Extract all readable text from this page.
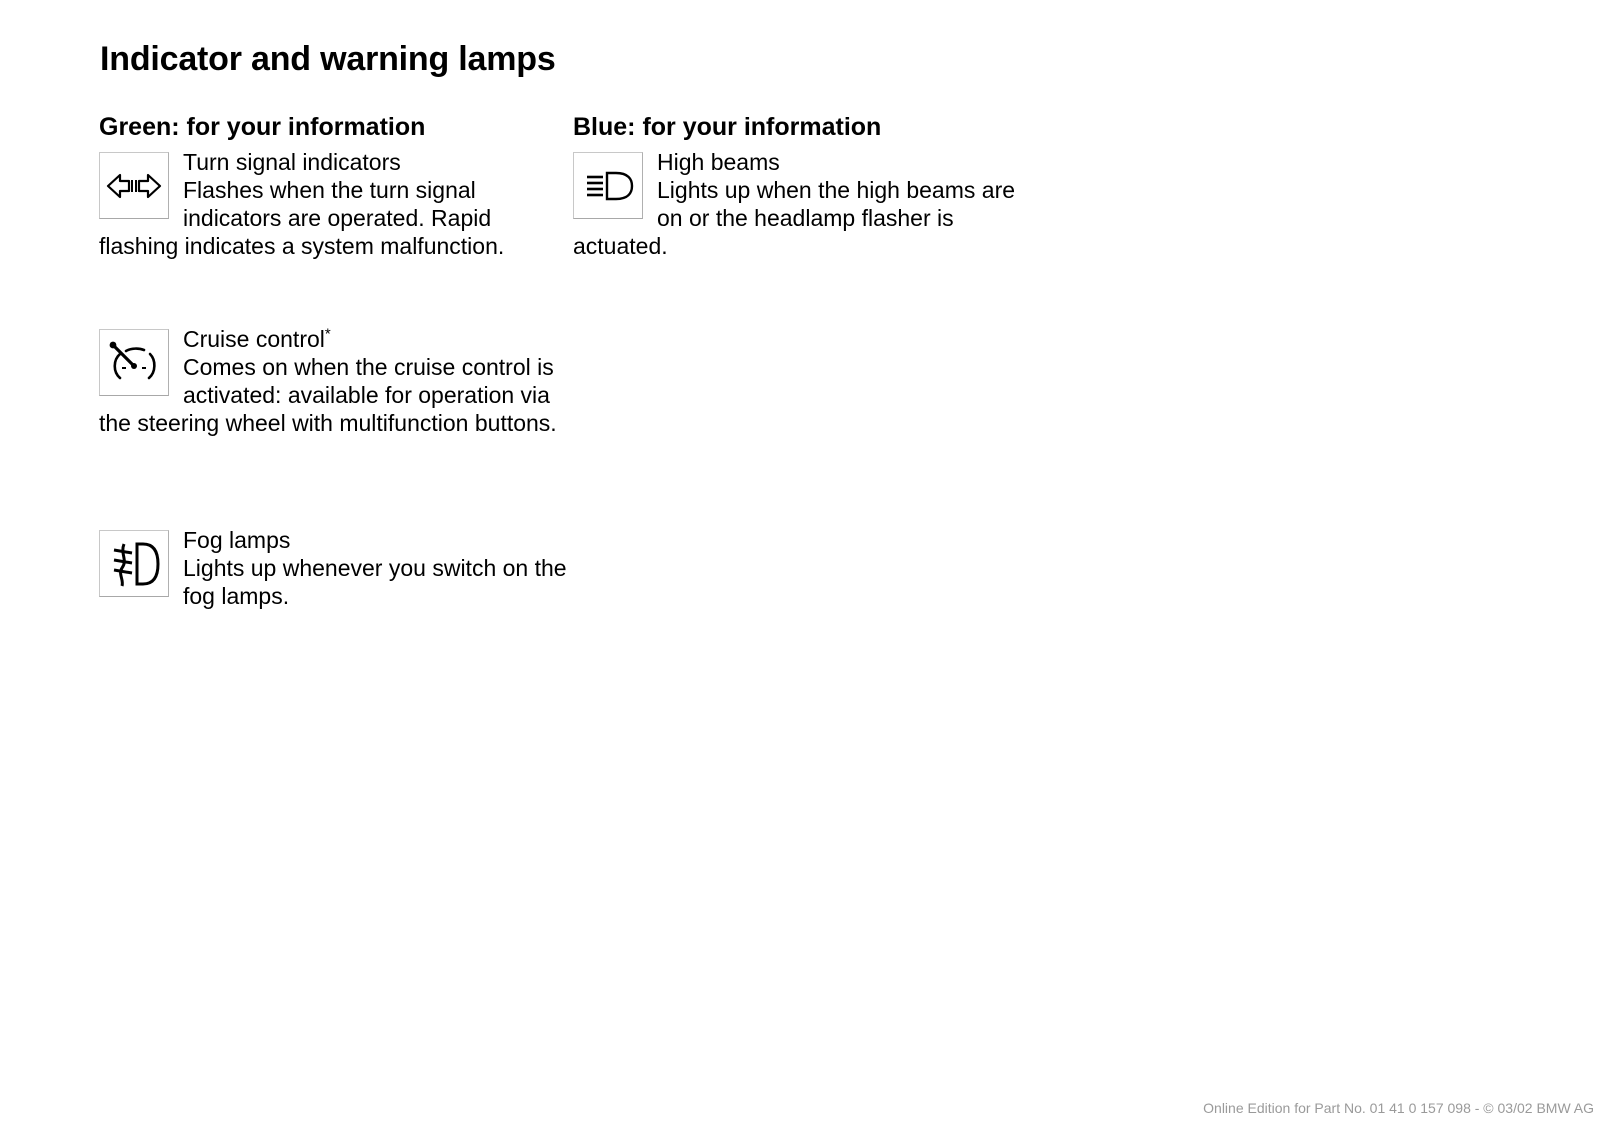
Indicator and warning lamps
Green: for your information	Blue: for your information
Turn signal indicators
Flashes when the turn signal indicators are operated. Rapid flashing indicates a system malfunction.
High beams
Lights up when the high beams are on or the headlamp flasher is actuated.
Cruise control*
Comes on when the cruise control is activated: available for operation via the steering wheel with multifunction buttons.
Fog lamps
Lights up whenever you switch on the fog lamps.
Online Edition for Part No. 01 41 0 157 098 - © 03/02 BMW AG
